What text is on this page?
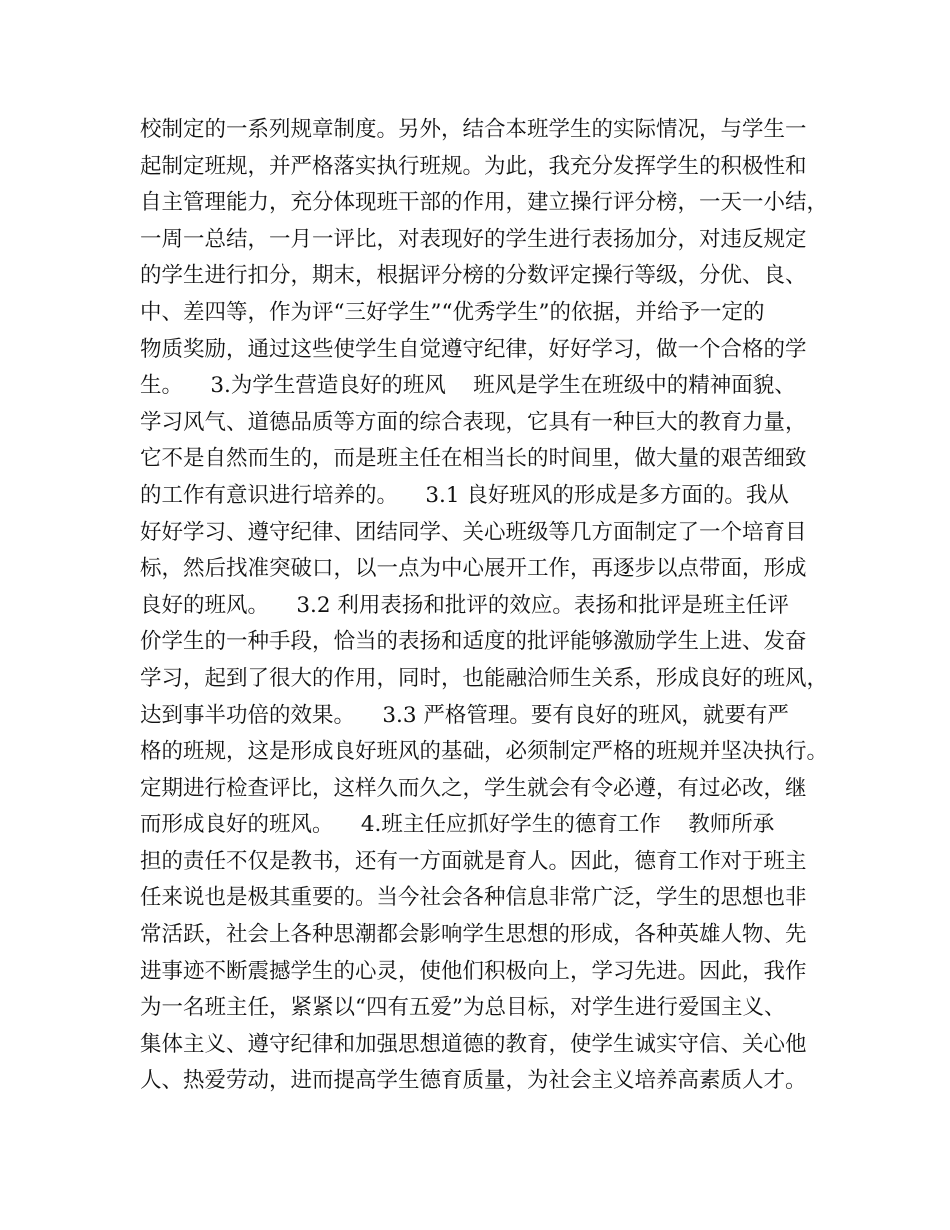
校制定的一系列规章制度。另外，结合本班学生的实际情况，与学生一
起制定班规，并严格落实执行班规。为此，我充分发挥学生的积极性和
自主管理能力，充分体现班干部的作用，建立操行评分榜，一天一小结，
一周一总结，一月一评比，对表现好的学生进行表扬加分，对违反规定
的学生进行扣分，期末，根据评分榜的分数评定操行等级，分优、良、
中、差四等，作为评“三好学生”“优秀学生”的依据，并给予一定的
物质奖励，通过这些使学生自觉遵守纪律，好好学习，做一个合格的学
生。    3.为学生营造良好的班风    班风是学生在班级中的精神面貌、
学习风气、道德品质等方面的综合表现，它具有一种巨大的教育力量，
它不是自然而生的，而是班主任在相当长的时间里，做大量的艰苦细致
的工作有意识进行培养的。    3.1 良好班风的形成是多方面的。我从
好好学习、遵守纪律、团结同学、关心班级等几方面制定了一个培育目
标，然后找准突破口，以一点为中心展开工作，再逐步以点带面，形成
良好的班风。    3.2 利用表扬和批评的效应。表扬和批评是班主任评
价学生的一种手段，恰当的表扬和适度的批评能够激励学生上进、发奋
学习，起到了很大的作用，同时，也能融洽师生关系，形成良好的班风，
达到事半功倍的效果。    3.3 严格管理。要有良好的班风，就要有严
格的班规，这是形成良好班风的基础，必须制定严格的班规并坚决执行。
定期进行检查评比，这样久而久之，学生就会有令必遵，有过必改，继
而形成良好的班风。    4.班主任应抓好学生的德育工作    教师所承
担的责任不仅是教书，还有一方面就是育人。因此，德育工作对于班主
任来说也是极其重要的。当今社会各种信息非常广泛，学生的思想也非
常活跃，社会上各种思潮都会影响学生思想的形成，各种英雄人物、先
进事迹不断震撼学生的心灵，使他们积极向上，学习先进。因此，我作
为一名班主任，紧紧以“四有五爱”为总目标，对学生进行爱国主义、
集体主义、遵守纪律和加强思想道德的教育，使学生诚实守信、关心他
人、热爱劳动，进而提高学生德育质量，为社会主义培养高素质人才。
